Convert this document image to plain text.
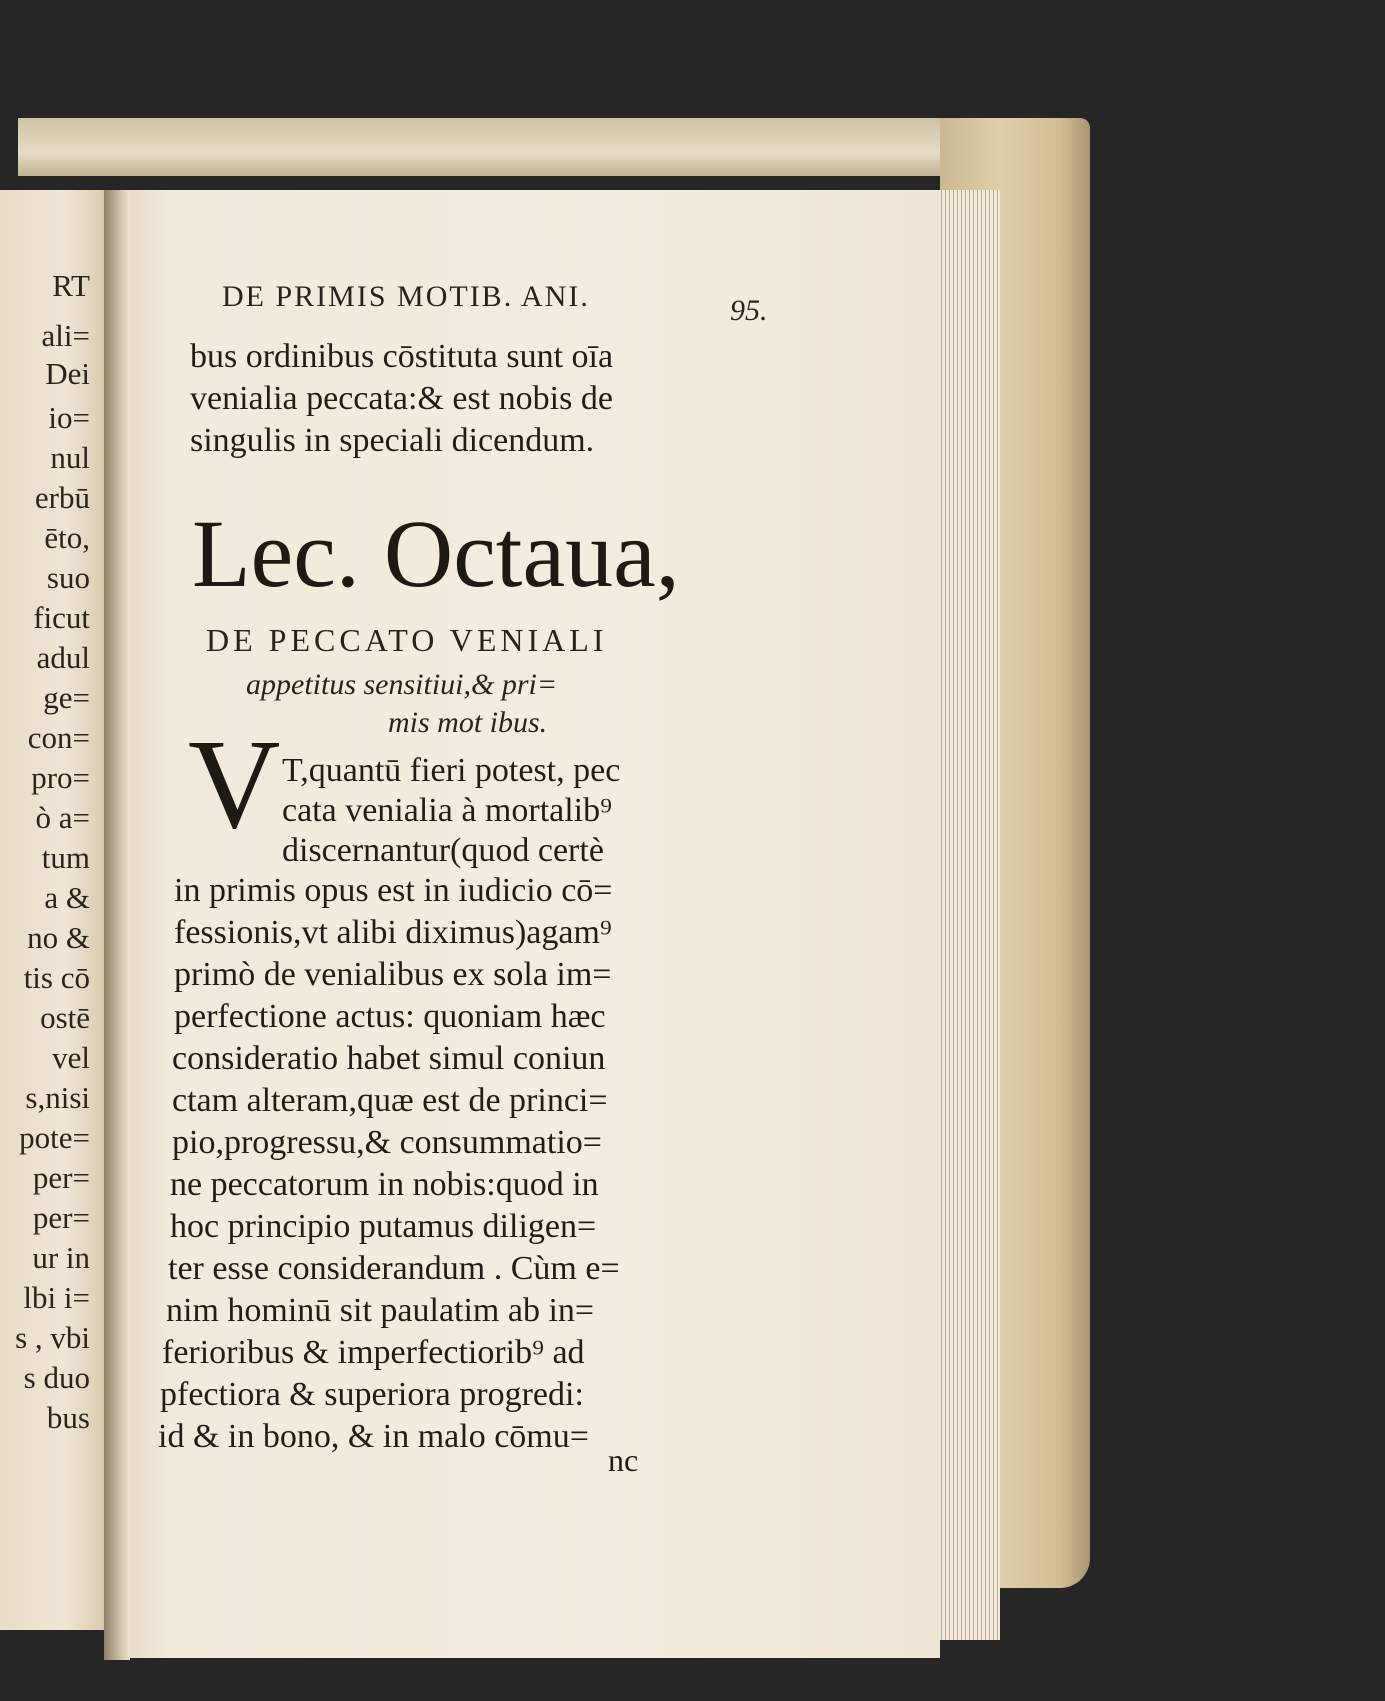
RT
ali=
Dei
io=
nul
erbū
ēto,
suo
ficut
adul
ge=
con=
pro=
ò a=
tum
a &
no &
tis cō
ostē
vel
s,nisi
pote=
per=
per=
ur in
lbi i=
s , vbi
s duo
bus
DE PRIMIS MOTIB. ANI.	95.
bus ordinibus cōstituta sunt oīa
venialia peccata:& est nobis de
singulis in speciali dicendum.
Lec. Octaua,
DE PECCATO VENIALI
appetitus sensitiui,& pri=
mis mot ibus.
V T,quantū fieri potest, pec
cata venialia à mortalib⁹
discernantur(quod certè
in primis opus est in iudicio cō=
fessionis,vt alibi diximus)agam⁹
primò de venialibus ex sola im=
perfectione actus: quoniam hæc
consideratio habet simul coniun
ctam alteram,quæ est de princi=
pio,progressu,& consummatio=
ne peccatorum in nobis:quod in
hoc principio putamus diligen=
ter esse considerandum . Cùm e=
nim hominū sit paulatim ab in=
ferioribus & imperfectiorib⁹ ad
pfectiora & superiora progredi:
id & in bono, & in malo cōmu=
nc
